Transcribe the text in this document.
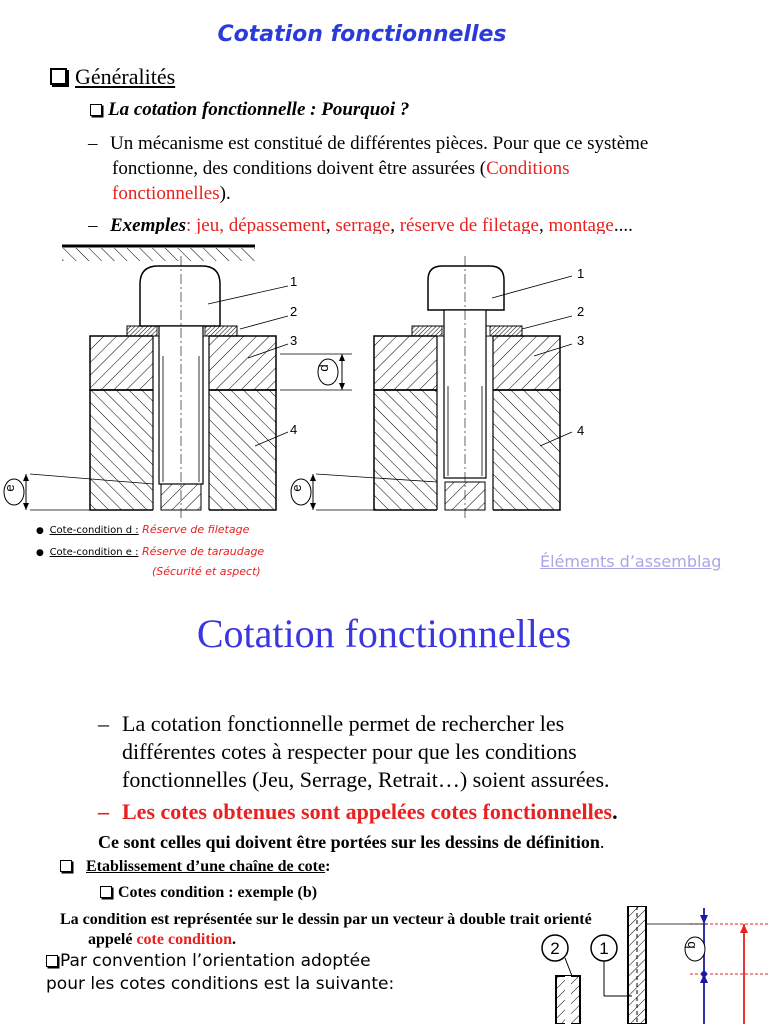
Cotation fonctionnelles
Généralités
La cotation fonctionnelle : Pourquoi ?
– Un mécanisme est constitué de différentes pièces. Pour que ce système
fonctionne, des conditions doivent être assurées (Conditions
fonctionnelles).
– Exemples: jeu, dépassement, serrage, réserve de filetage, montage....
1
2
3
4
1
2
3
4
d
e	e
●  Cote-condition d : Réserve de filetage
●  Cote-condition e : Réserve de taraudage
(Sécurité et aspect)
Éléments d’assemblag
Cotation fonctionnelles
– La cotation fonctionnelle permet de rechercher les
différentes cotes à respecter pour que les conditions
fonctionnelles (Jeu, Serrage, Retrait…) soient assurées.
– Les cotes obtenues sont appelées cotes fonctionnelles.
Ce sont celles qui doivent être portées sur les dessins de définition.
Etablissement d’une chaîne de cote:
Cotes condition : exemple (b)
La condition est représentée sur le dessin par un vecteur à double trait orienté
appelé cote condition.
Par convention l’orientation adoptée
pour les cotes conditions est la suivante:
b
2 1
